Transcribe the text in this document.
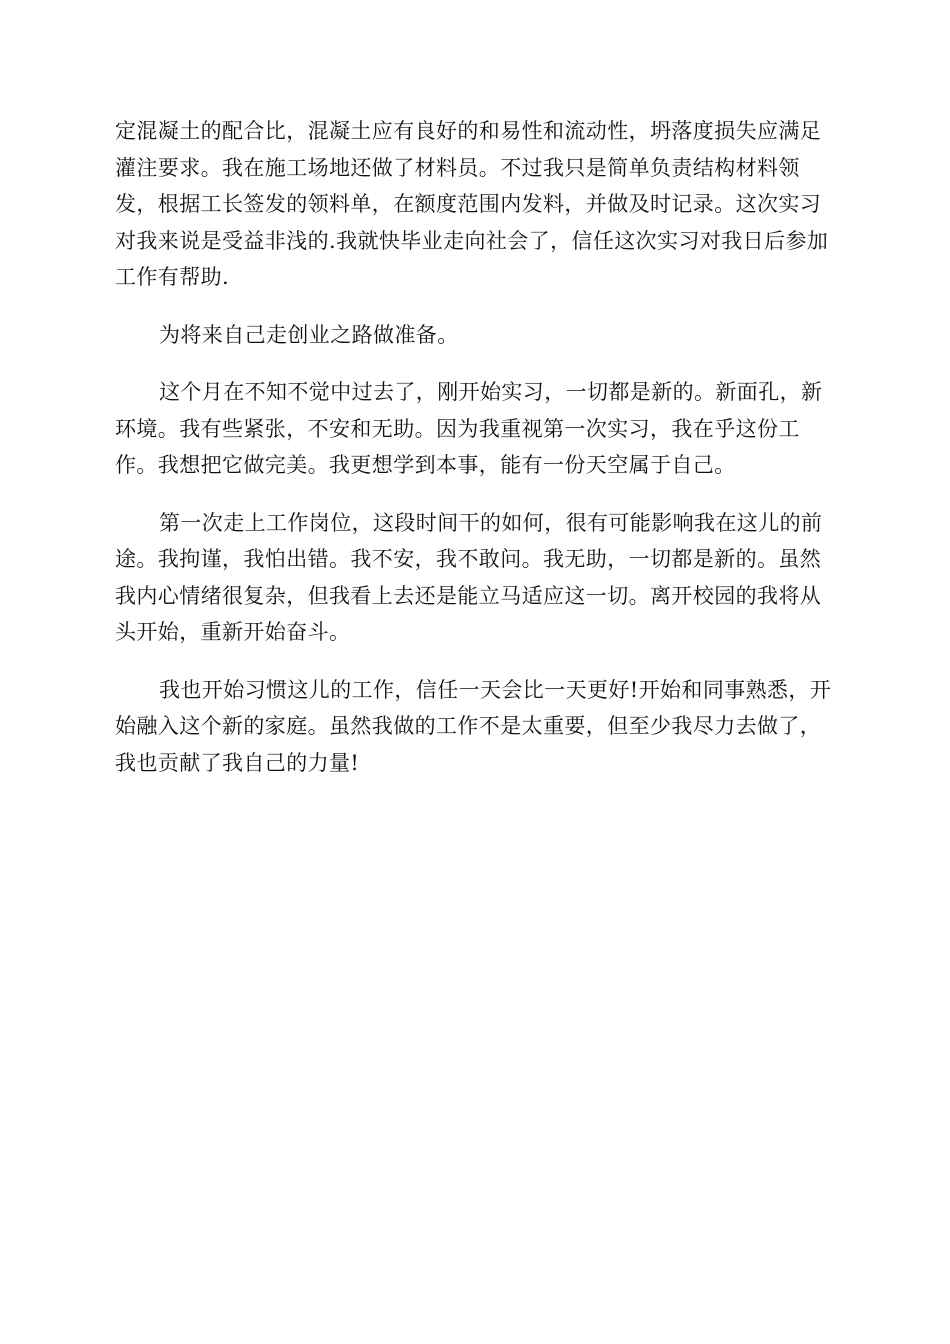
定混凝土的配合比，混凝土应有良好的和易性和流动性，坍落度损失应满足灌注要求。我在施工场地还做了材料员。不过我只是简单负责结构材料领发，根据工长签发的领料单，在额度范围内发料，并做及时记录。这次实习对我来说是受益非浅的.我就快毕业走向社会了，信任这次实习对我日后参加工作有帮助.

为将来自己走创业之路做准备。

这个月在不知不觉中过去了，刚开始实习，一切都是新的。新面孔，新环境。我有些紧张，不安和无助。因为我重视第一次实习，我在乎这份工作。我想把它做完美。我更想学到本事，能有一份天空属于自己。

第一次走上工作岗位，这段时间干的如何，很有可能影响我在这儿的前途。我拘谨，我怕出错。我不安，我不敢问。我无助，一切都是新的。虽然我内心情绪很复杂，但我看上去还是能立马适应这一切。离开校园的我将从头开始，重新开始奋斗。

我也开始习惯这儿的工作，信任一天会比一天更好!开始和同事熟悉，开始融入这个新的家庭。虽然我做的工作不是太重要，但至少我尽力去做了，我也贡献了我自己的力量!
